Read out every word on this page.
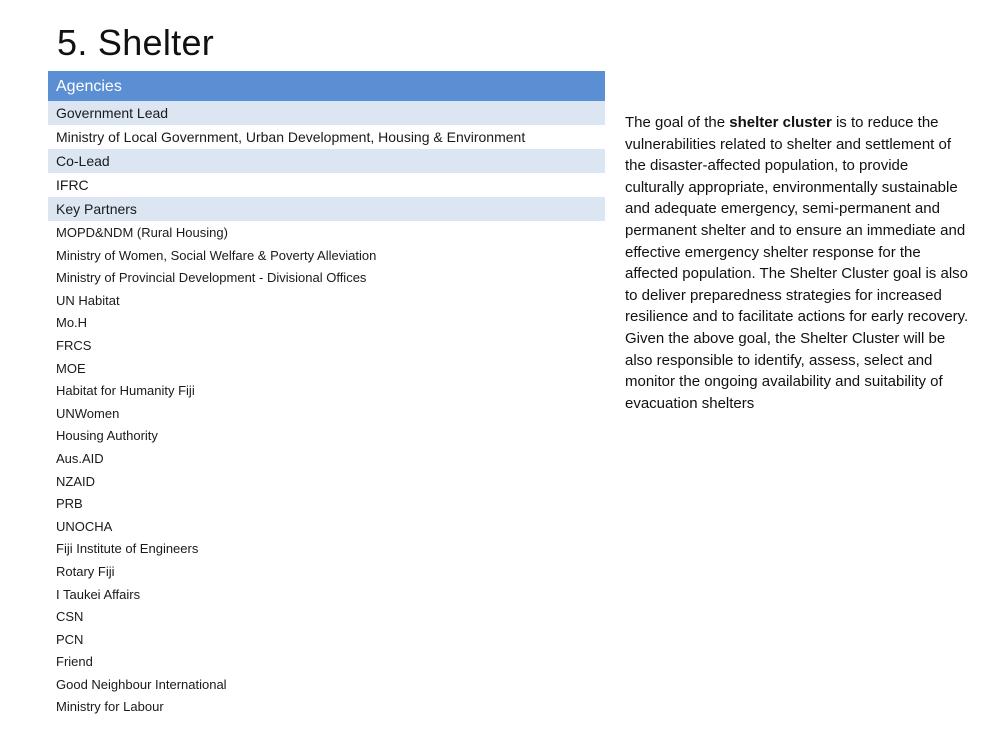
5. Shelter
Agencies
Government Lead
Ministry of Local Government, Urban Development, Housing & Environment
Co-Lead
IFRC
Key Partners
MOPD&NDM (Rural Housing)
Ministry of Women, Social Welfare & Poverty Alleviation
Ministry of Provincial Development - Divisional Offices
UN Habitat
Mo.H
FRCS
MOE
Habitat for Humanity Fiji
UNWomen
Housing Authority
Aus.AID
NZAID
PRB
UNOCHA
Fiji Institute of Engineers
Rotary Fiji
I Taukei Affairs
CSN
PCN
Friend
Good Neighbour International
Ministry for Labour

The goal of the shelter cluster is to reduce the vulnerabilities related to shelter and settlement of the disaster-affected population, to provide culturally appropriate, environmentally sustainable and adequate emergency, semi-permanent and permanent shelter and to ensure an immediate and effective emergency shelter response for the affected population. The Shelter Cluster goal is also to deliver preparedness strategies for increased resilience and to facilitate actions for early recovery.

Given the above goal, the Shelter Cluster will be also responsible to identify, assess, select and monitor the ongoing availability and suitability of evacuation shelters
